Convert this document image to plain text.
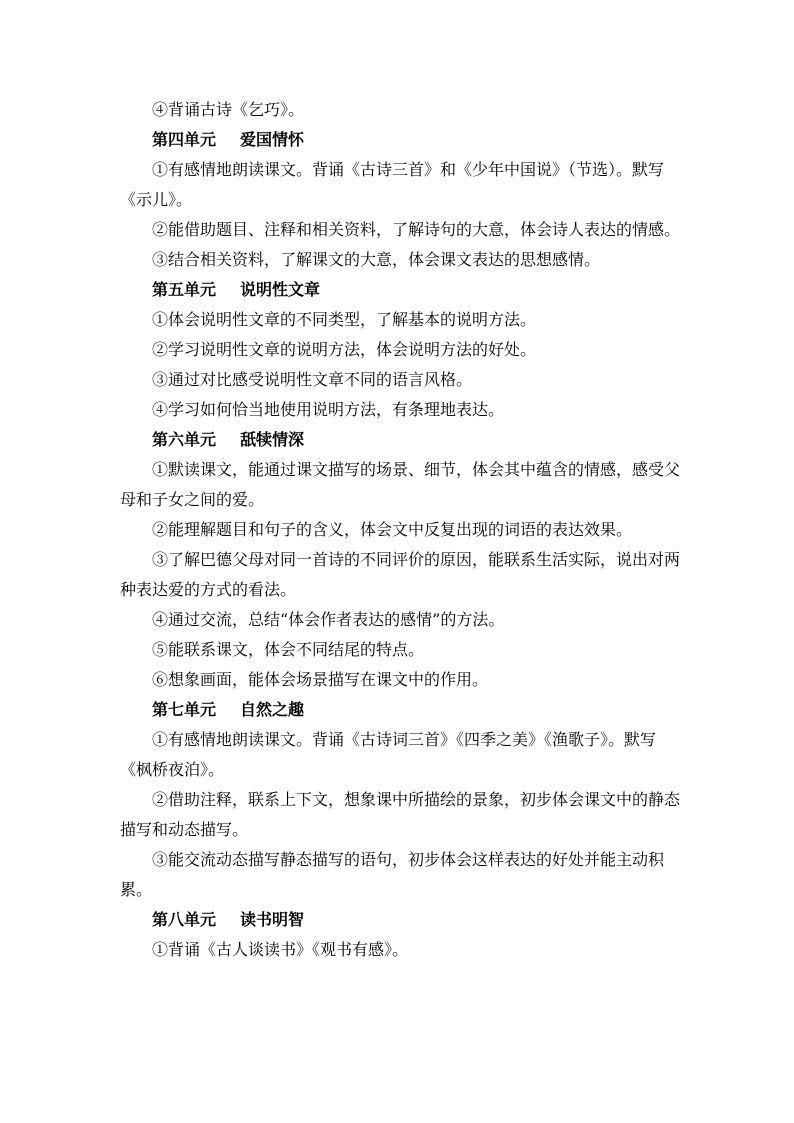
④背诵古诗《乞巧》。

第四单元 爱国情怀

①有感情地朗读课文。背诵《古诗三首》和《少年中国说》（节选）。默写《示儿》。

②能借助题目、注释和相关资料，了解诗句的大意，体会诗人表达的情感。

③结合相关资料，了解课文的大意，体会课文表达的思想感情。

第五单元 说明性文章

①体会说明性文章的不同类型，了解基本的说明方法。

②学习说明性文章的说明方法，体会说明方法的好处。

③通过对比感受说明性文章不同的语言风格。

④学习如何恰当地使用说明方法，有条理地表达。

第六单元 舐犊情深

①默读课文，能通过课文描写的场景、细节，体会其中蕴含的情感，感受父母和子女之间的爱。

②能理解题目和句子的含义，体会文中反复出现的词语的表达效果。

③了解巴德父母对同一首诗的不同评价的原因，能联系生活实际，说出对两种表达爱的方式的看法。

④通过交流，总结“体会作者表达的感情”的方法。

⑤能联系课文，体会不同结尾的特点。

⑥想象画面，能体会场景描写在课文中的作用。

第七单元 自然之趣

①有感情地朗读课文。背诵《古诗词三首》《四季之美》《渔歌子》。默写《枫桥夜泊》。

②借助注释，联系上下文，想象课中所描绘的景象，初步体会课文中的静态描写和动态描写。

③能交流动态描写静态描写的语句，初步体会这样表达的好处并能主动积累。

第八单元 读书明智

①背诵《古人谈读书》《观书有感》。
